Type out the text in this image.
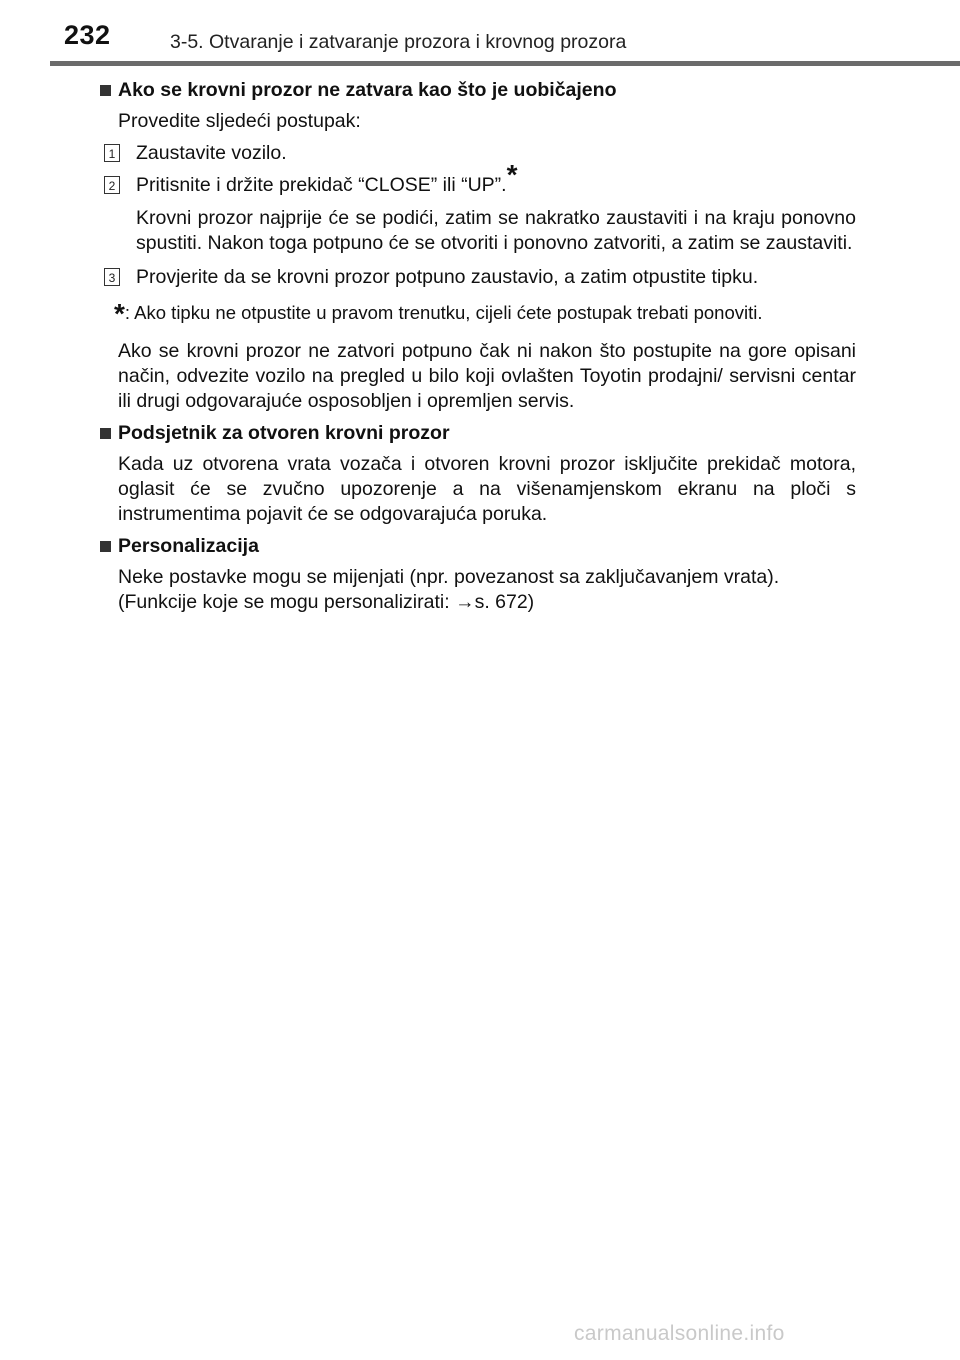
232	3-5. Otvaranje i zatvaranje prozora i krovnog prozora
Ako se krovni prozor ne zatvara kao što je uobičajeno
Provedite sljedeći postupak:
1 Zaustavite vozilo.
2 Pritisnite i držite prekidač “CLOSE” ili “UP”.*
Krovni prozor najprije će se podići, zatim se nakratko zaustaviti i na kraju ponovno spustiti. Nakon toga potpuno će se otvoriti i ponovno zatvoriti, a zatim se zaustaviti.
3 Provjerite da se krovni prozor potpuno zaustavio, a zatim otpustite tipku.
*: Ako tipku ne otpustite u pravom trenutku, cijeli ćete postupak trebati ponoviti.
Ako se krovni prozor ne zatvori potpuno čak ni nakon što postupite na gore opisani način, odvezite vozilo na pregled u bilo koji ovlašten Toyotin prodajni/ servisni centar ili drugi odgovarajuće osposobljen i opremljen servis.
Podsjetnik za otvoren krovni prozor
Kada uz otvorena vrata vozača i otvoren krovni prozor isključite prekidač motora, oglasit će se zvučno upozorenje a na višenamjenskom ekranu na ploči s instrumentima pojavit će se odgovarajuća poruka.
Personalizacija
Neke postavke mogu se mijenjati (npr. povezanost sa zaključavanjem vrata).
(Funkcije koje se mogu personalizirati: →s. 672)
carmanualsonline.info
